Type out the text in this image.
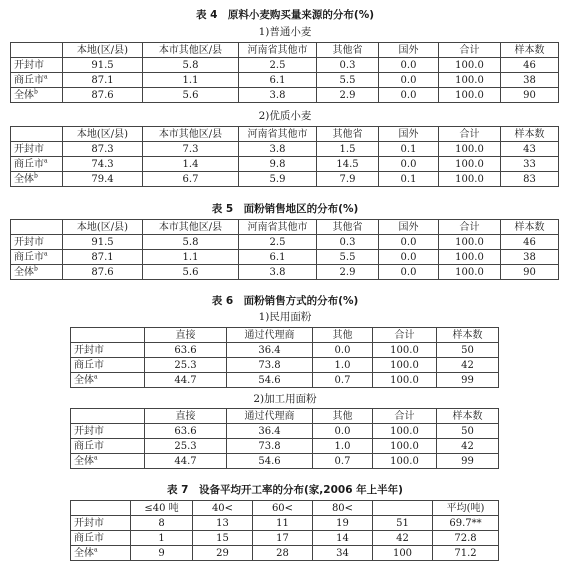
表 4　原料小麦购买量来源的分布(%)
1)普通小麦
	本地(区/县)	本市其他区/县	河南省其他市	其他省	国外	合计	样本数
开封市	91.5	5.8	2.5	0.3	0.0	100.0	46
商丘市$^a$	87.1	1.1	6.1	5.5	0.0	100.0	38
全体$^b$	87.6	5.6	3.8	2.9	0.0	100.0	90
2)优质小麦
	本地(区/县)	本市其他区/县	河南省其他市	其他省	国外	合计	样本数
开封市	87.3	7.3	3.8	1.5	0.1	100.0	43
商丘市$^a$	74.3	1.4	9.8	14.5	0.0	100.0	33
全体$^b$	79.4	6.7	5.9	7.9	0.1	100.0	83
表 5　面粉销售地区的分布(%)
	本地(区/县)	本市其他区/县	河南省其他市	其他省	国外	合计	样本数
开封市	91.5	5.8	2.5	0.3	0.0	100.0	46
商丘市$^a$	87.1	1.1	6.1	5.5	0.0	100.0	38
全体$^b$	87.6	5.6	3.8	2.9	0.0	100.0	90
表 6　面粉销售方式的分布(%)
1)民用面粉
	直接	通过代理商	其他	合计	样本数
开封市	63.6	36.4	0.0	100.0	50
商丘市	25.3	73.8	1.0	100.0	42
全体$^a$	44.7	54.6	0.7	100.0	99
2)加工用面粉
	直接	通过代理商	其他	合计	样本数
开封市	63.6	36.4	0.0	100.0	50
商丘市	25.3	73.8	1.0	100.0	42
全体$^a$	44.7	54.6	0.7	100.0	99
表 7　设备平均开工率的分布(家,2006 年上半年)
	≤40 吨	40<	60<	80<		平均(吨)
开封市	8	13	11	19	51	69.7**
商丘市	1	15	17	14	42	72.8
全体$^a$	9	29	28	34	100	71.2
